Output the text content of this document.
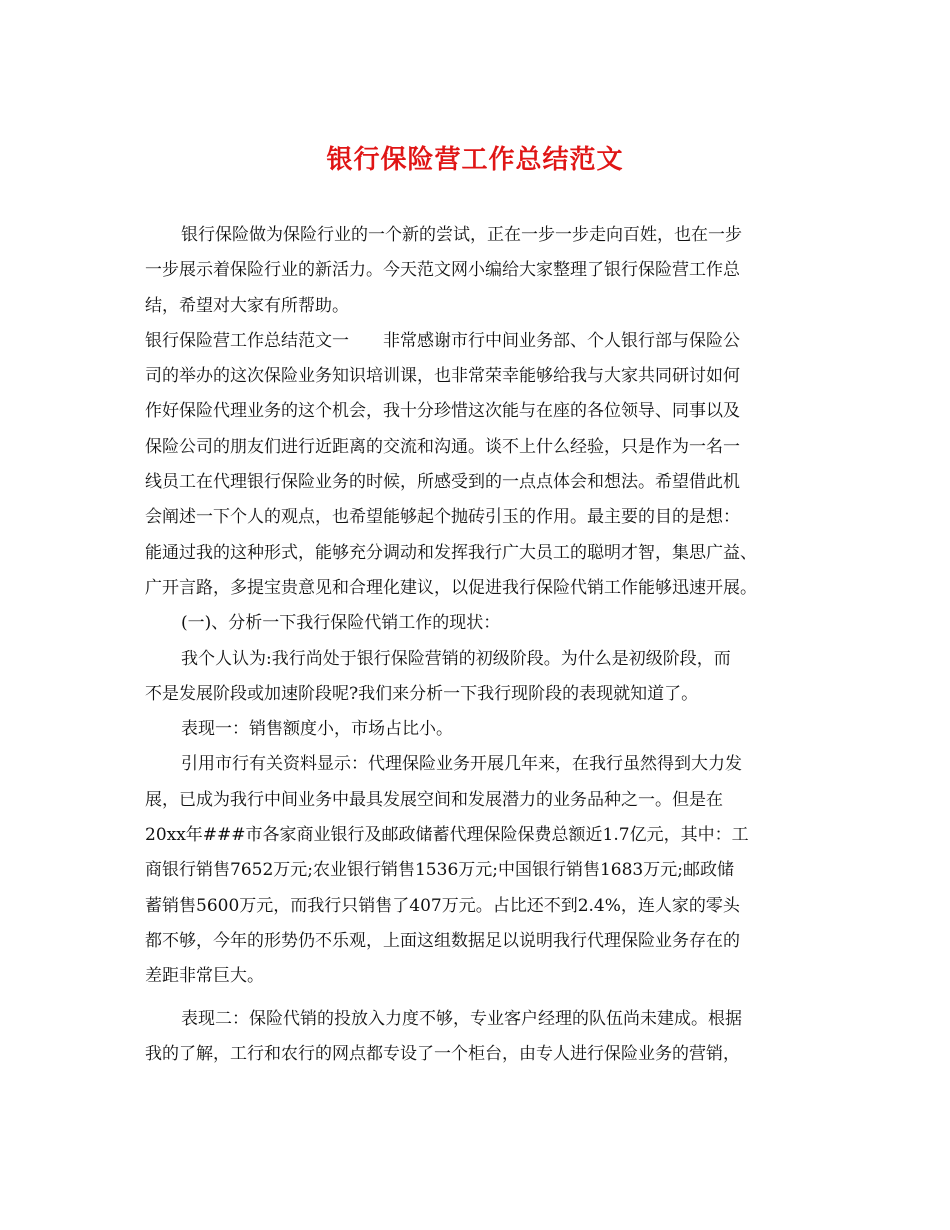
银行保险营工作总结范文
银行保险做为保险行业的一个新的尝试，正在一步一步走向百姓，也在一步
一步展示着保险行业的新活力。今天范文网小编给大家整理了银行保险营工作总
结，希望对大家有所帮助。
银行保险营工作总结范文一　　非常感谢市行中间业务部、个人银行部与保险公
司的举办的这次保险业务知识培训课，也非常荣幸能够给我与大家共同研讨如何
作好保险代理业务的这个机会，我十分珍惜这次能与在座的各位领导、同事以及
保险公司的朋友们进行近距离的交流和沟通。谈不上什么经验，只是作为一名一
线员工在代理银行保险业务的时候，所感受到的一点点体会和想法。希望借此机
会阐述一下个人的观点，也希望能够起个抛砖引玉的作用。最主要的目的是想：
能通过我的这种形式，能够充分调动和发挥我行广大员工的聪明才智，集思广益、
广开言路，多提宝贵意见和合理化建议，以促进我行保险代销工作能够迅速开展。
(一)、分析一下我行保险代销工作的现状：
我个人认为:我行尚处于银行保险营销的初级阶段。为什么是初级阶段，而
不是发展阶段或加速阶段呢?我们来分析一下我行现阶段的表现就知道了。
表现一：销售额度小，市场占比小。
引用市行有关资料显示：代理保险业务开展几年来，在我行虽然得到大力发
展，已成为我行中间业务中最具发展空间和发展潜力的业务品种之一。但是在
20xx年###市各家商业银行及邮政储蓄代理保险保费总额近1.7亿元，其中：工
商银行销售7652万元;农业银行销售1536万元;中国银行销售1683万元;邮政储
蓄销售5600万元，而我行只销售了407万元。占比还不到2.4%，连人家的零头
都不够，今年的形势仍不乐观，上面这组数据足以说明我行代理保险业务存在的
差距非常巨大。
表现二：保险代销的投放入力度不够，专业客户经理的队伍尚未建成。根据
我的了解，工行和农行的网点都专设了一个柜台，由专人进行保险业务的营销，
